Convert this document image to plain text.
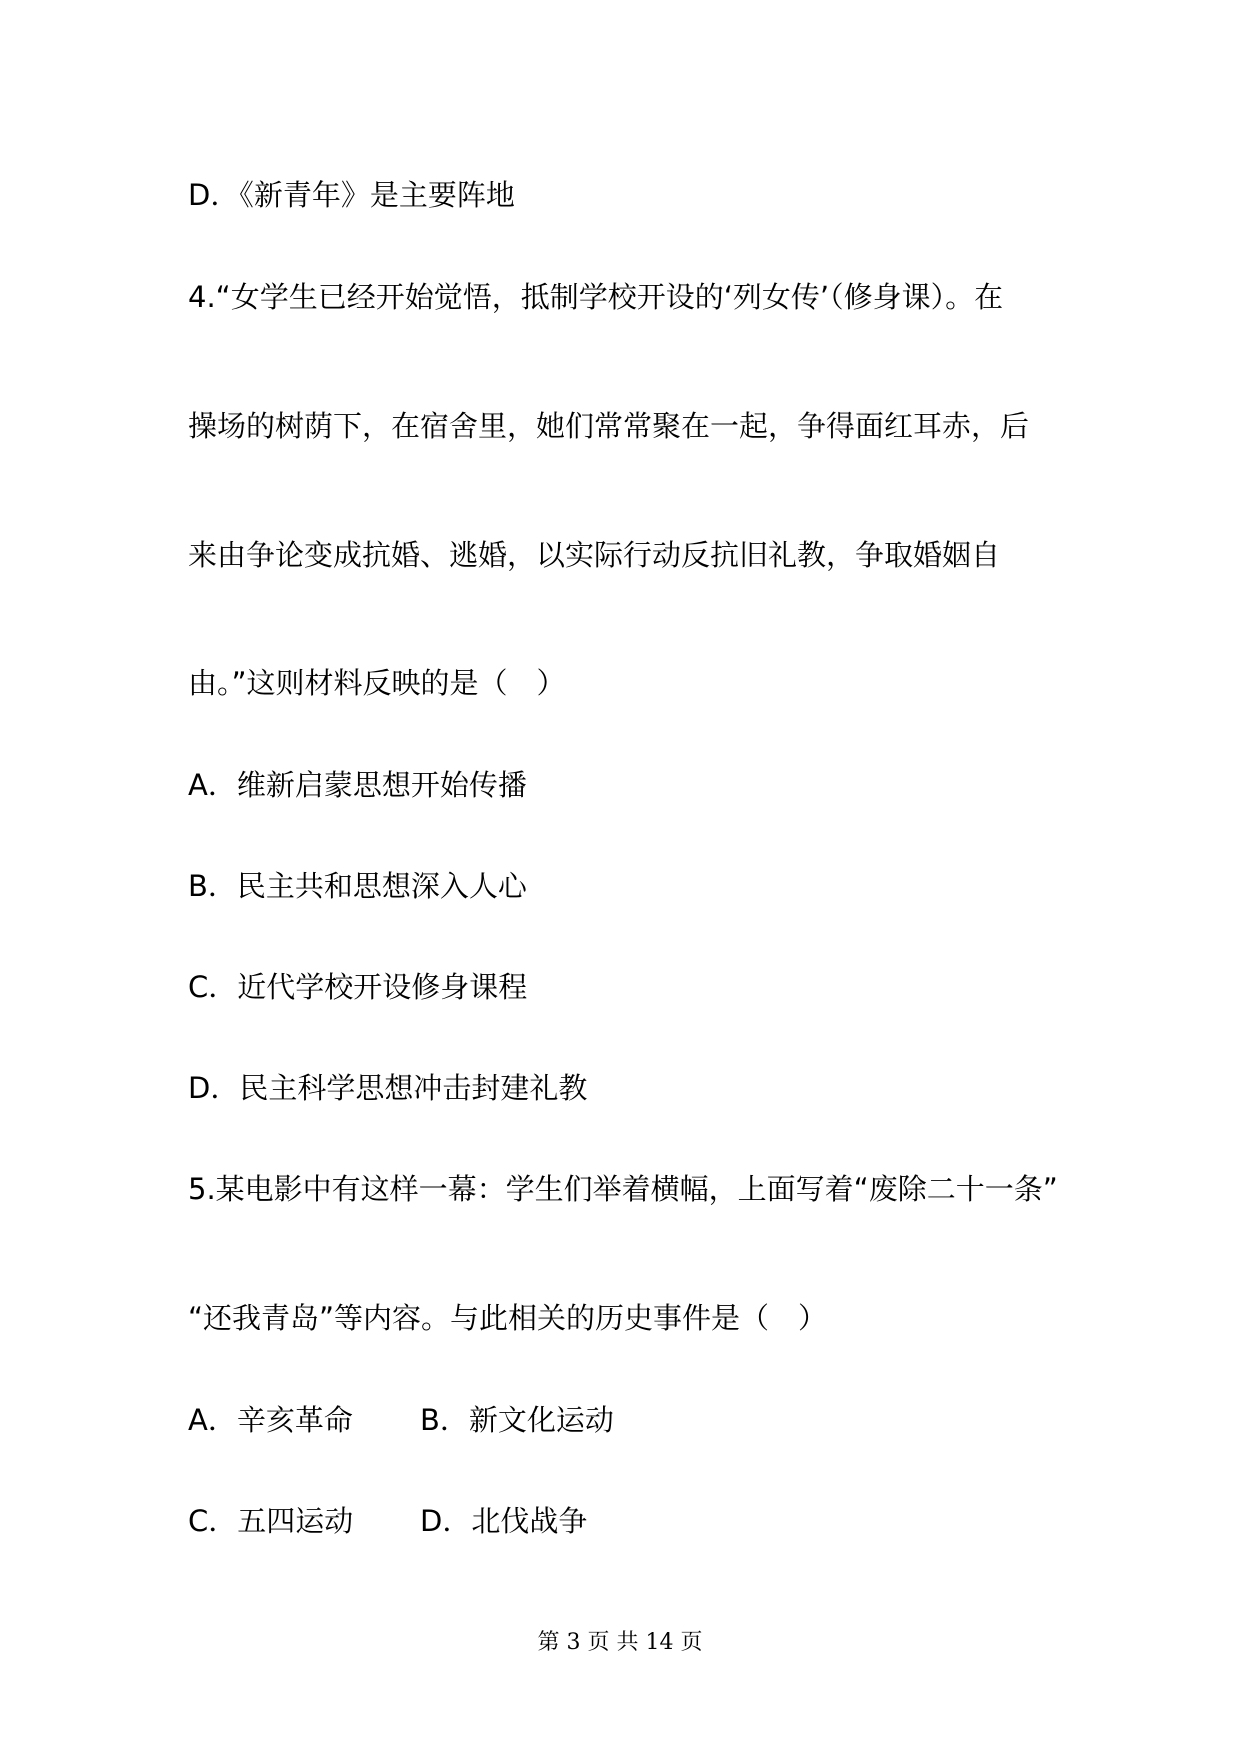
D．《新青年》是主要阵地
4.“女学生已经开始觉悟，抵制学校开设的‘列女传’（修身课）。在
操场的树荫下，在宿舍里，她们常常聚在一起，争得面红耳赤，后
来由争论变成抗婚、逃婚，以实际行动反抗旧礼教，争取婚姻自
由。”这则材料反映的是（　）
A．维新启蒙思想开始传播
B．民主共和思想深入人心
C．近代学校开设修身课程
D．民主科学思想冲击封建礼教
5.某电影中有这样一幕：学生们举着横幅，上面写着“废除二十一条”
“还我青岛”等内容。与此相关的历史事件是（　）
A．辛亥革命 B．新文化运动
C．五四运动 D．北伐战争
第 3 页 共 14 页
